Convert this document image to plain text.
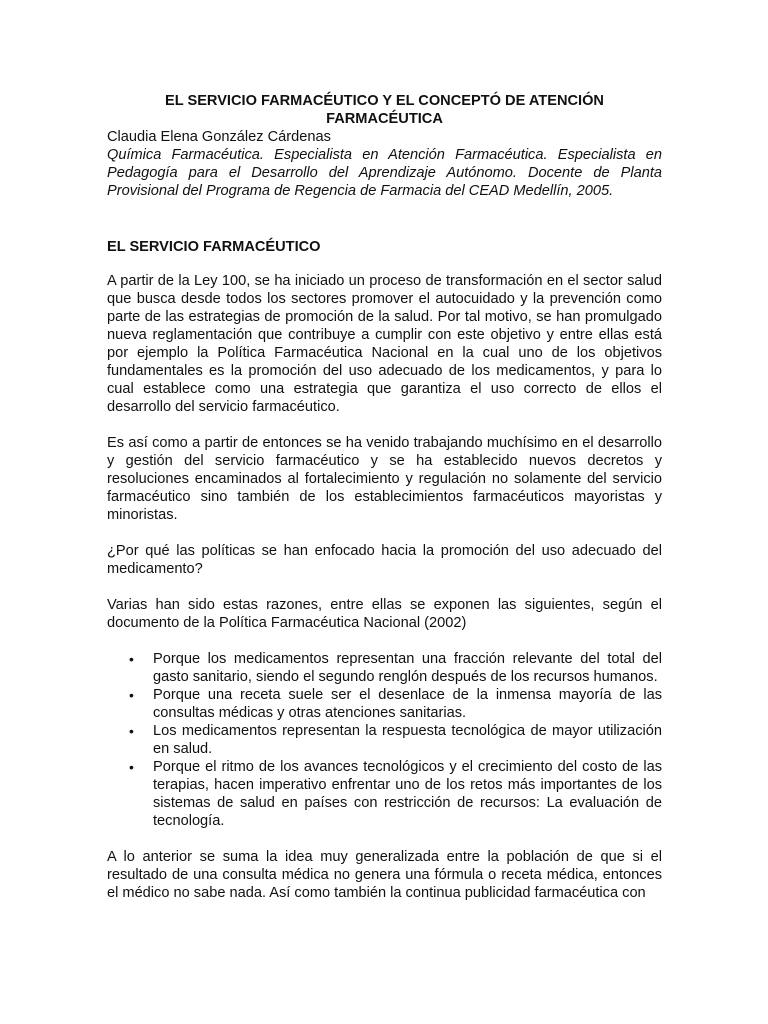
EL SERVICIO FARMACÉUTICO Y EL CONCEPTÓ DE ATENCIÓN
FARMACÉUTICA

Claudia Elena González Cárdenas

Química Farmacéutica. Especialista en Atención Farmacéutica. Especialista en Pedagogía para el Desarrollo del Aprendizaje Autónomo. Docente de Planta Provisional del Programa de Regencia de Farmacia del CEAD Medellín, 2005.

EL SERVICIO FARMACÉUTICO

A partir de la Ley 100, se ha iniciado un proceso de transformación en el sector salud que busca desde todos los sectores promover el autocuidado y la prevención como parte de las estrategias de promoción de la salud. Por tal motivo, se han promulgado nueva reglamentación que contribuye a cumplir con este objetivo y entre ellas está por ejemplo la Política Farmacéutica Nacional en la cual uno de los objetivos fundamentales es la promoción del uso adecuado de los medicamentos, y para lo cual establece como una estrategia que garantiza el uso correcto de ellos el desarrollo del servicio farmacéutico.

Es así como a partir de entonces se ha venido trabajando muchísimo en el desarrollo y gestión del servicio farmacéutico y se ha establecido nuevos decretos y resoluciones encaminados al fortalecimiento y regulación no solamente del servicio farmacéutico sino también de los establecimientos farmacéuticos mayoristas y minoristas.

¿Por qué las políticas se han enfocado hacia la promoción del uso adecuado del medicamento?

Varias han sido estas razones, entre ellas se exponen las siguientes, según el documento de la Política Farmacéutica Nacional (2002)

• Porque los medicamentos representan una fracción relevante del total del gasto sanitario, siendo el segundo renglón después de los recursos humanos.
• Porque una receta suele ser el desenlace de la inmensa mayoría de las consultas médicas y otras atenciones sanitarias.
• Los medicamentos representan la respuesta tecnológica de mayor utilización en salud.
• Porque el ritmo de los avances tecnológicos y el crecimiento del costo de las terapias, hacen imperativo enfrentar uno de los retos más importantes de los sistemas de salud en países con restricción de recursos: La evaluación de tecnología.

A lo anterior se suma la idea muy generalizada entre la población de que si el resultado de una consulta médica no genera una fórmula o receta médica, entonces el médico no sabe nada. Así como también la continua publicidad farmacéutica con
